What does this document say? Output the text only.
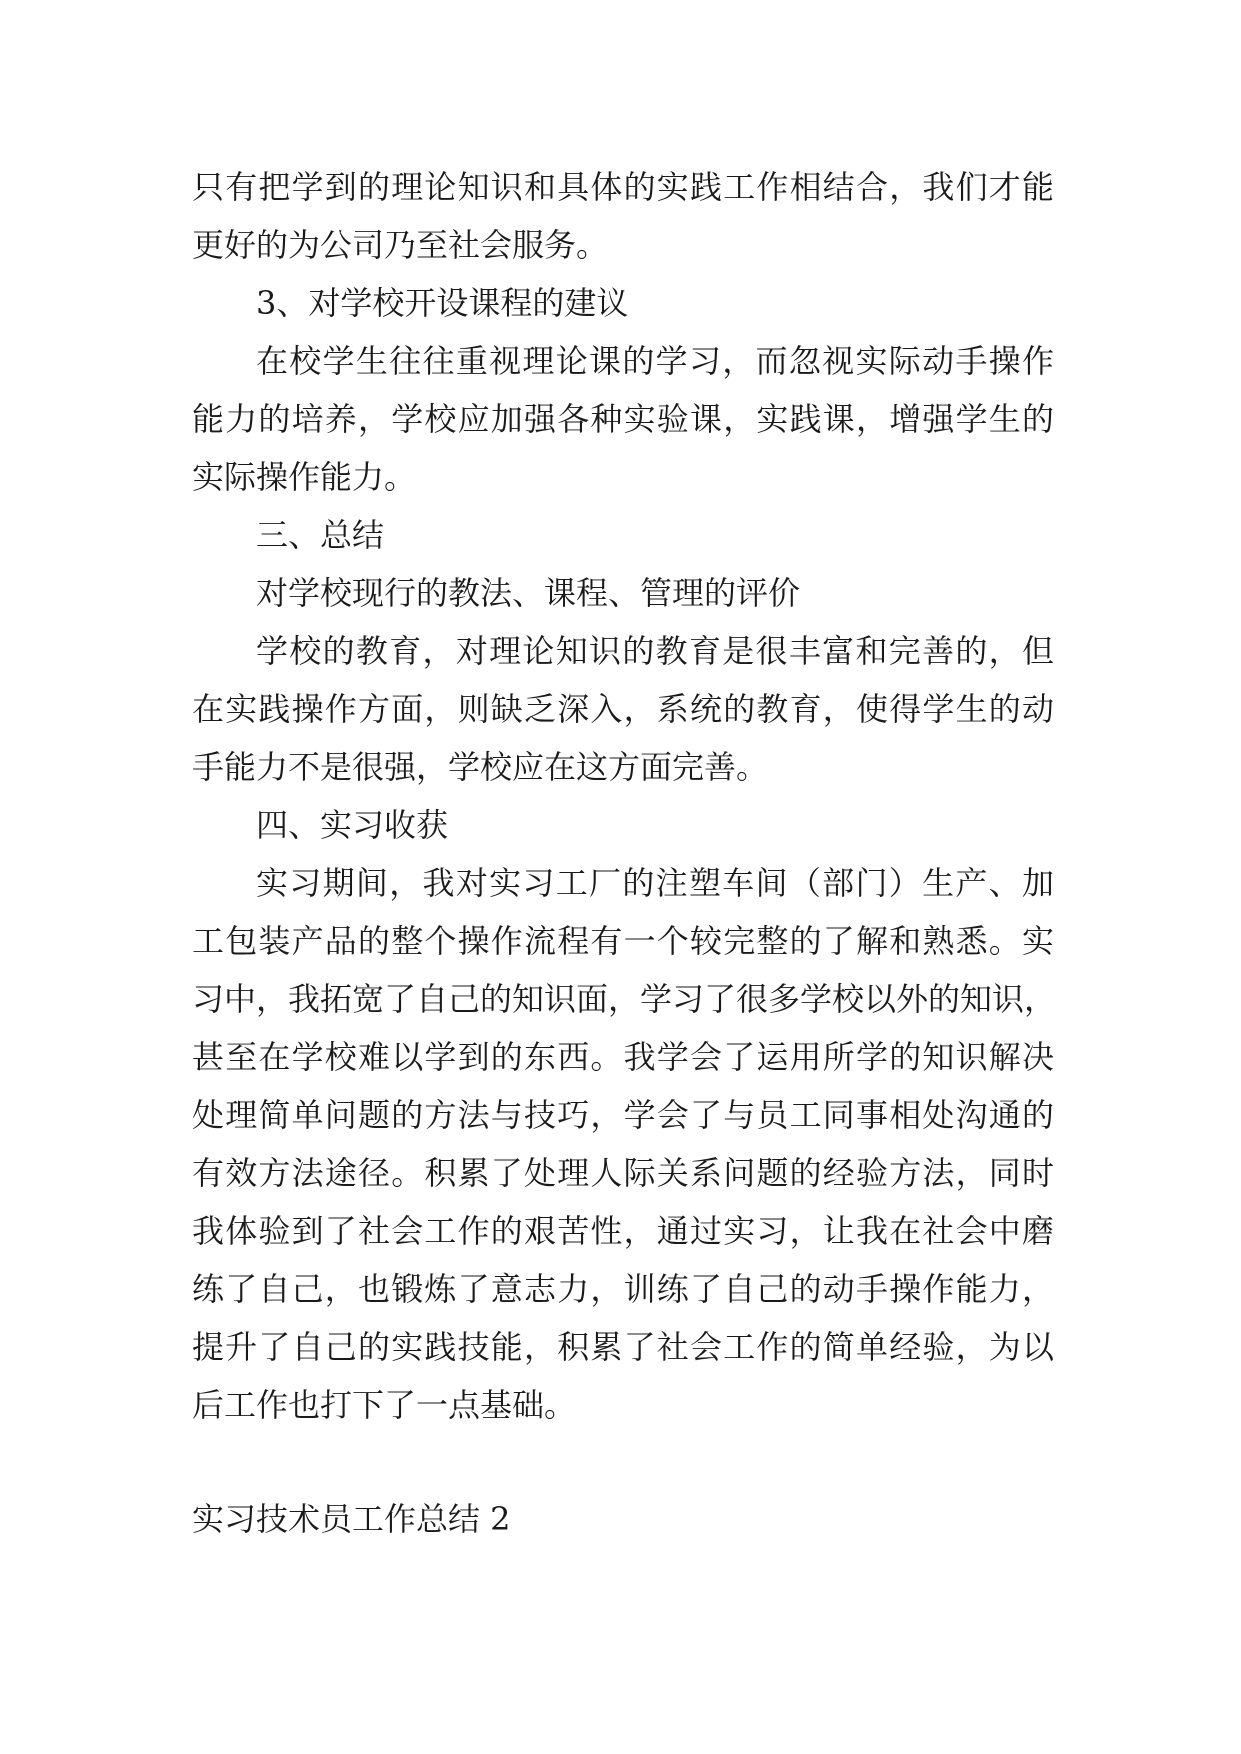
只有把学到的理论知识和具体的实践工作相结合，我们才能
更好的为公司乃至社会服务。
3、对学校开设课程的建议
在校学生往往重视理论课的学习，而忽视实际动手操作
能力的培养，学校应加强各种实验课，实践课，增强学生的
实际操作能力。
三、总结
对学校现行的教法、课程、管理的评价
学校的教育，对理论知识的教育是很丰富和完善的，但
在实践操作方面，则缺乏深入，系统的教育，使得学生的动
手能力不是很强，学校应在这方面完善。
四、实习收获
实习期间，我对实习工厂的注塑车间（部门）生产、加
工包装产品的整个操作流程有一个较完整的了解和熟悉。实
习中，我拓宽了自己的知识面，学习了很多学校以外的知识，
甚至在学校难以学到的东西。我学会了运用所学的知识解决
处理简单问题的方法与技巧，学会了与员工同事相处沟通的
有效方法途径。积累了处理人际关系问题的经验方法，同时
我体验到了社会工作的艰苦性，通过实习，让我在社会中磨
练了自己，也锻炼了意志力，训练了自己的动手操作能力，
提升了自己的实践技能，积累了社会工作的简单经验，为以
后工作也打下了一点基础。
实习技术员工作总结 2
